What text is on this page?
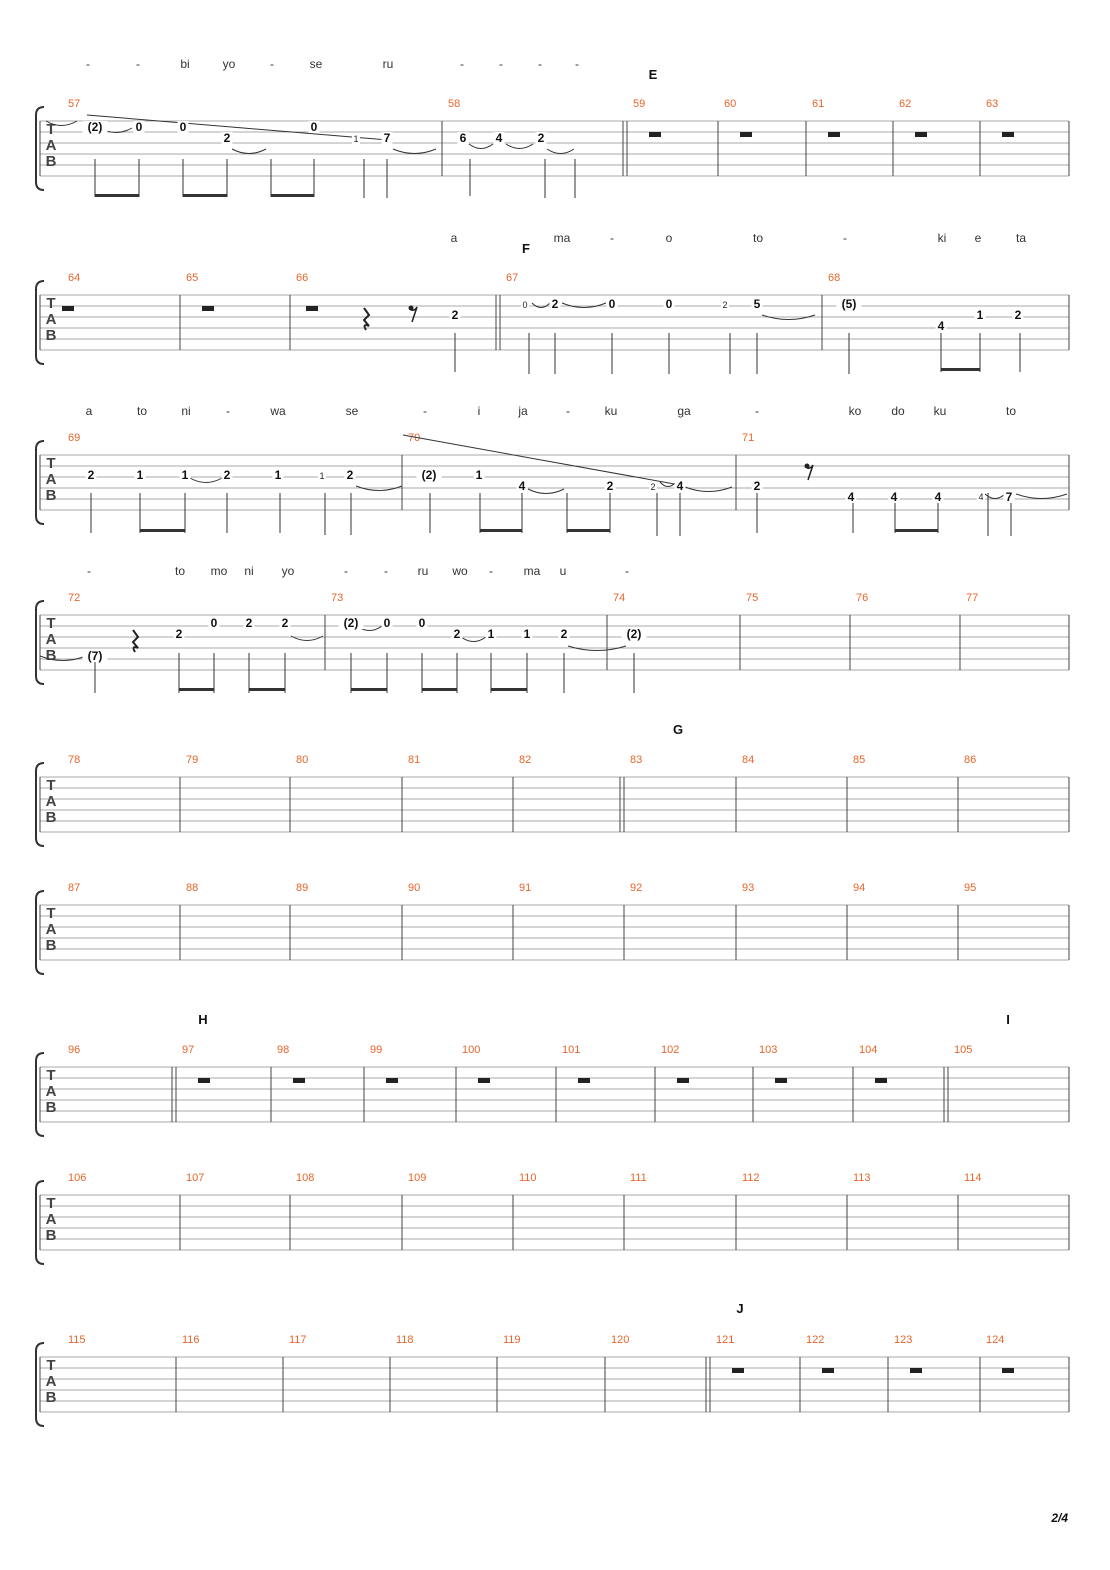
T
A
B
57	58	59	60	61	62	63
-	-	bi	yo	-	se	ru	-	-	-	-
E
(2)	0	0
2
0
7	6 4	2
1
T
A
B
64	65	66	67	68
a	ma	-	o	to	-	ki e	ta
F
2
2	0	0	5	(5)
4
1	2
0	2
T
A
B
69	70	71
a	to	ni	-	wa	se	-	i	ja	-	ku	ga	-	ko do ku	to
2	1	1	2	1	2	(2)	1
4	2	4	2
4	4	4	7
1
2
4
T
A
B
72	73	74	75	76	77
-	to mo ni yo	-	- ru wo -	ma u	-
(7)
2
0 2 2	(2) 0 0
2 1 1	2	(2)
T
A
B
78	79	80	81	82	83	84	85	86
G
T
A
B
87	88	89	90	91	92	93	94	95
T
A
B
96	97	98	99	100	101	102	103	104	105
H	I
T
A
B
106	107	108	109	110	111	112	113	114
T
A
B
115	116	117	118	119	120	121	122	123	124
J
2/4
